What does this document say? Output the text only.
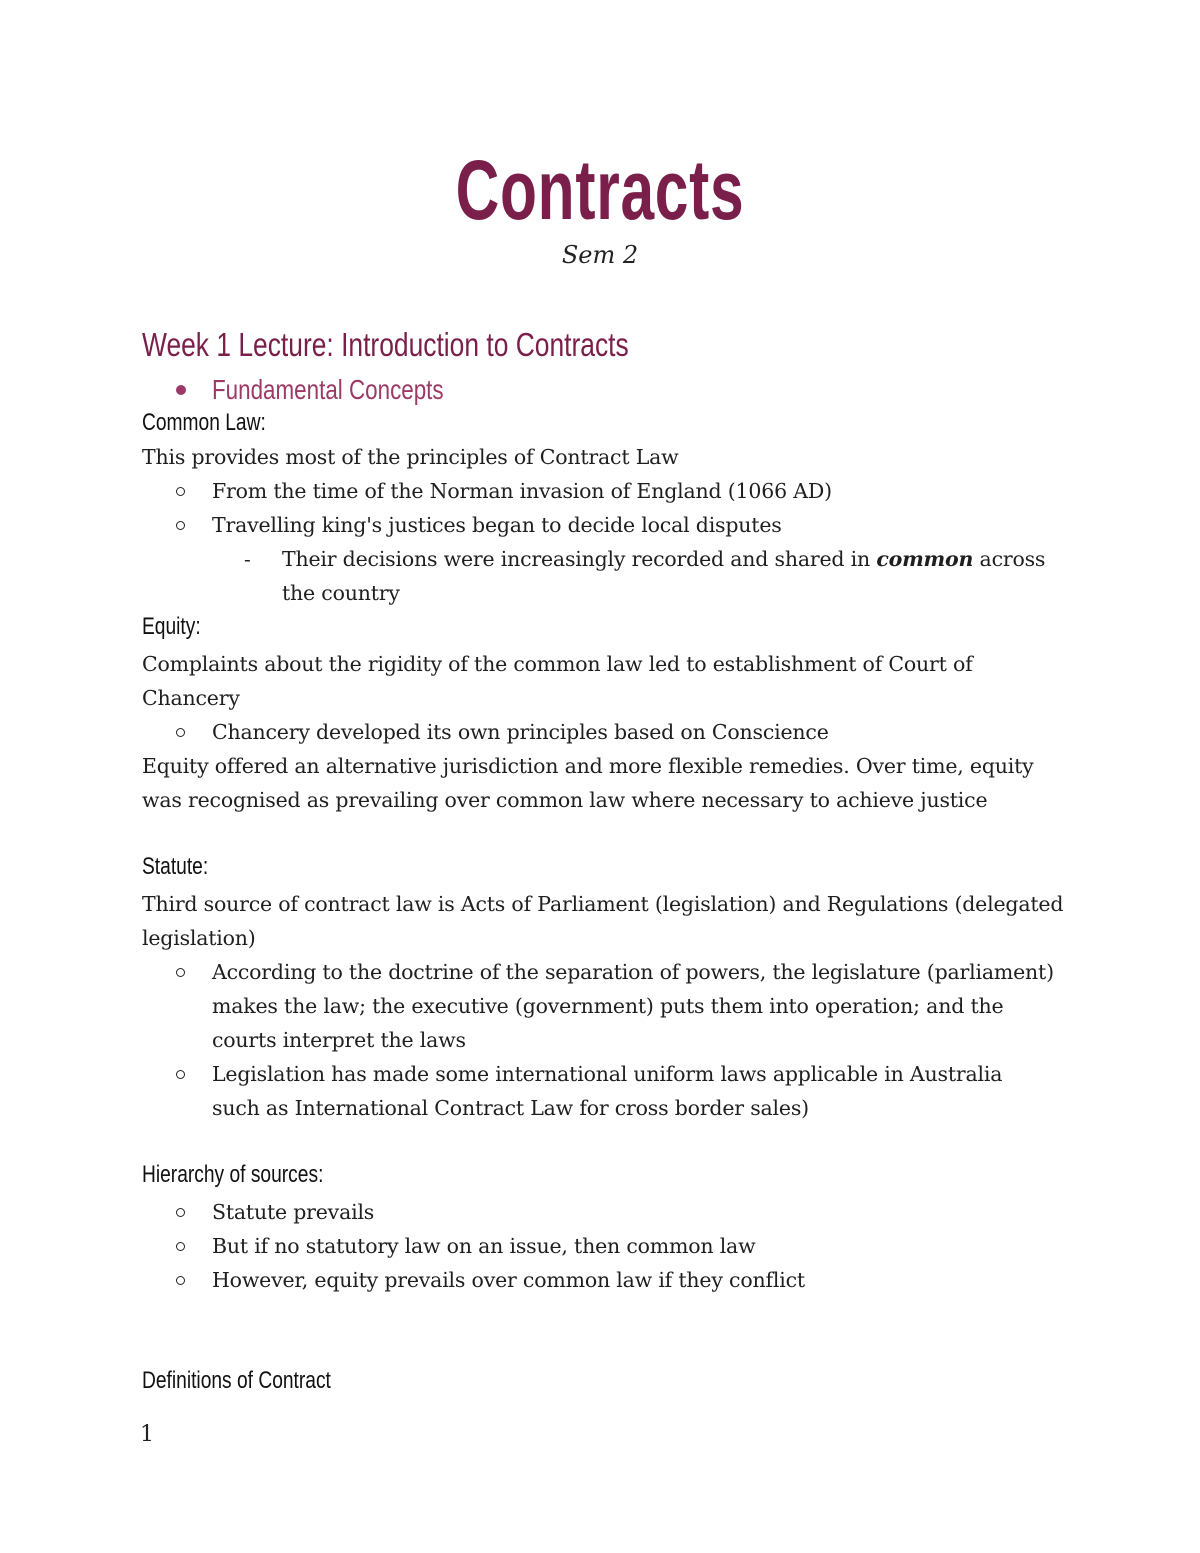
Contracts
Sem 2
Week 1 Lecture: Introduction to Contracts
Fundamental Concepts
Common Law:
This provides most of the principles of Contract Law
From the time of the Norman invasion of England (1066 AD)
Travelling king's justices began to decide local disputes
- Their decisions were increasingly recorded and shared in common across
the country
Equity:
Complaints about the rigidity of the common law led to establishment of Court of
Chancery
Chancery developed its own principles based on Conscience
Equity offered an alternative jurisdiction and more flexible remedies. Over time, equity
was recognised as prevailing over common law where necessary to achieve justice
Statute:
Third source of contract law is Acts of Parliament (legislation) and Regulations (delegated
legislation)
According to the doctrine of the separation of powers, the legislature (parliament)
makes the law; the executive (government) puts them into operation; and the
courts interpret the laws
Legislation has made some international uniform laws applicable in Australia
such as International Contract Law for cross border sales)
Hierarchy of sources:
Statute prevails
But if no statutory law on an issue, then common law
However, equity prevails over common law if they conflict
Definitions of Contract
1
